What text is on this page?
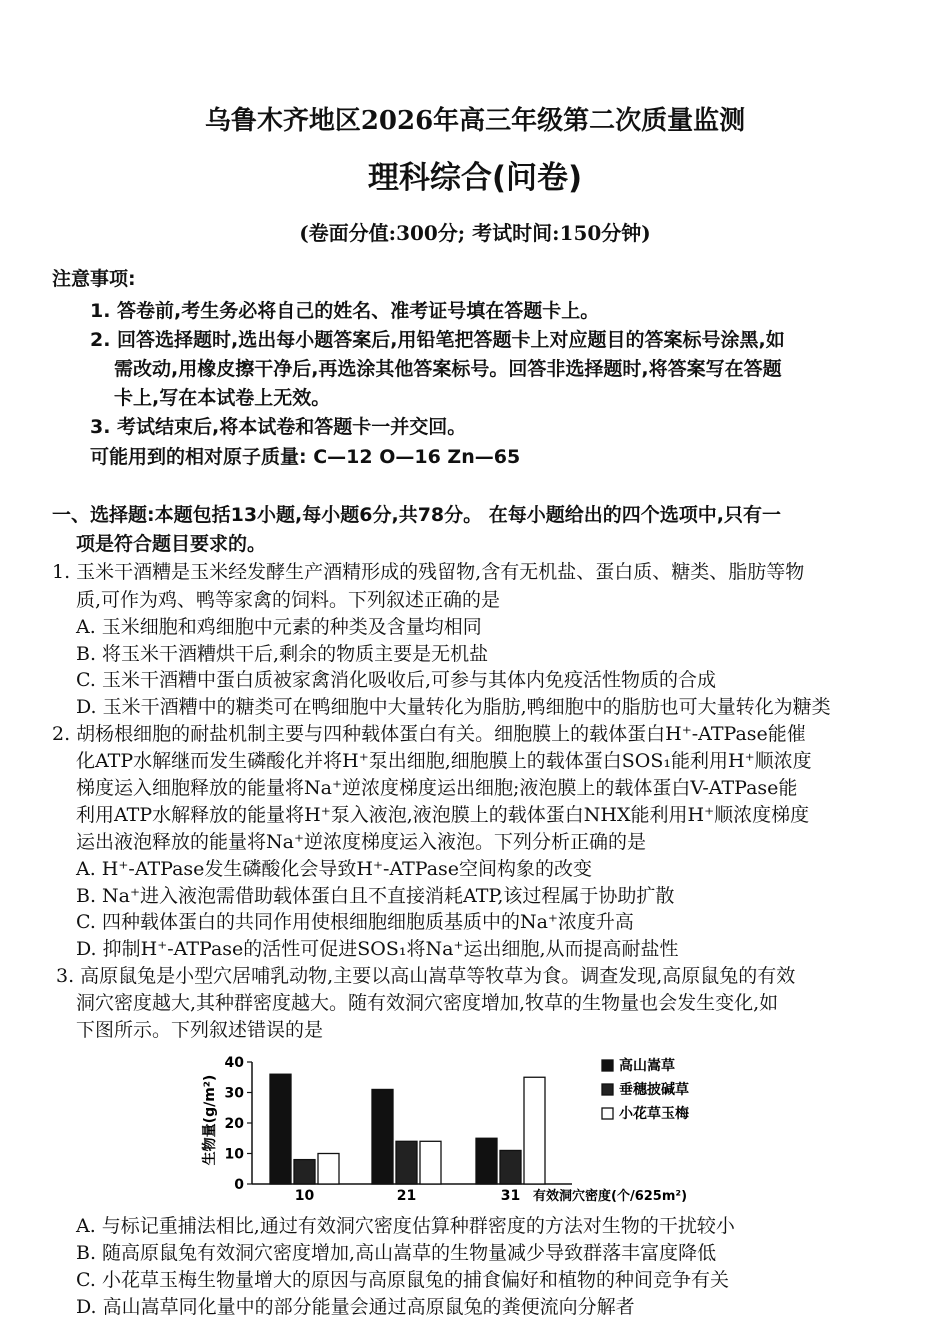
乌鲁木齐地区2026年高三年级第二次质量监测
理科综合(问卷)
(卷面分值:300分; 考试时间:150分钟)
注意事项:
1. 答卷前,考生务必将自己的姓名、准考证号填在答题卡上。
2. 回答选择题时,选出每小题答案后,用铅笔把答题卡上对应题目的答案标号涂黑,如
需改动,用橡皮擦干净后,再选涂其他答案标号。回答非选择题时,将答案写在答题
卡上,写在本试卷上无效。
3. 考试结束后,将本试卷和答题卡一并交回。
可能用到的相对原子质量: C—12 O—16 Zn—65
一、选择题:本题包括13小题,每小题6分,共78分。 在每小题给出的四个选项中,只有一
项是符合题目要求的。
1. 玉米干酒糟是玉米经发酵生产酒精形成的残留物,含有无机盐、蛋白质、糖类、脂肪等物
质,可作为鸡、鸭等家禽的饲料。下列叙述正确的是
A. 玉米细胞和鸡细胞中元素的种类及含量均相同
B. 将玉米干酒糟烘干后,剩余的物质主要是无机盐
C. 玉米干酒糟中蛋白质被家禽消化吸收后,可参与其体内免疫活性物质的合成
D. 玉米干酒糟中的糖类可在鸭细胞中大量转化为脂肪,鸭细胞中的脂肪也可大量转化为糖类
2. 胡杨根细胞的耐盐机制主要与四种载体蛋白有关。细胞膜上的载体蛋白H⁺-ATPase能催
化ATP水解继而发生磷酸化并将H⁺泵出细胞,细胞膜上的载体蛋白SOS₁能利用H⁺顺浓度
梯度运入细胞释放的能量将Na⁺逆浓度梯度运出细胞;液泡膜上的载体蛋白V-ATPase能
利用ATP水解释放的能量将H⁺泵入液泡,液泡膜上的载体蛋白NHX能利用H⁺顺浓度梯度
运出液泡释放的能量将Na⁺逆浓度梯度运入液泡。下列分析正确的是
A. H⁺-ATPase发生磷酸化会导致H⁺-ATPase空间构象的改变
B. Na⁺进入液泡需借助载体蛋白且不直接消耗ATP,该过程属于协助扩散
C. 四种载体蛋白的共同作用使根细胞细胞质基质中的Na⁺浓度升高
D. 抑制H⁺-ATPase的活性可促进SOS₁将Na⁺运出细胞,从而提高耐盐性
3. 高原鼠兔是小型穴居哺乳动物,主要以高山嵩草等牧草为食。调查发现,高原鼠兔的有效
洞穴密度越大,其种群密度越大。随有效洞穴密度增加,牧草的生物量也会发生变化,如
下图所示。下列叙述错误的是
生物量(g/m²)
0
10
20
30
40
10	21	31 有效洞穴密度(个/625m²)
高山嵩草
垂穗披碱草
小花草玉梅
A. 与标记重捕法相比,通过有效洞穴密度估算种群密度的方法对生物的干扰较小
B. 随高原鼠兔有效洞穴密度增加,高山嵩草的生物量减少导致群落丰富度降低
C. 小花草玉梅生物量增大的原因与高原鼠兔的捕食偏好和植物的种间竞争有关
D. 高山嵩草同化量中的部分能量会通过高原鼠兔的粪便流向分解者
